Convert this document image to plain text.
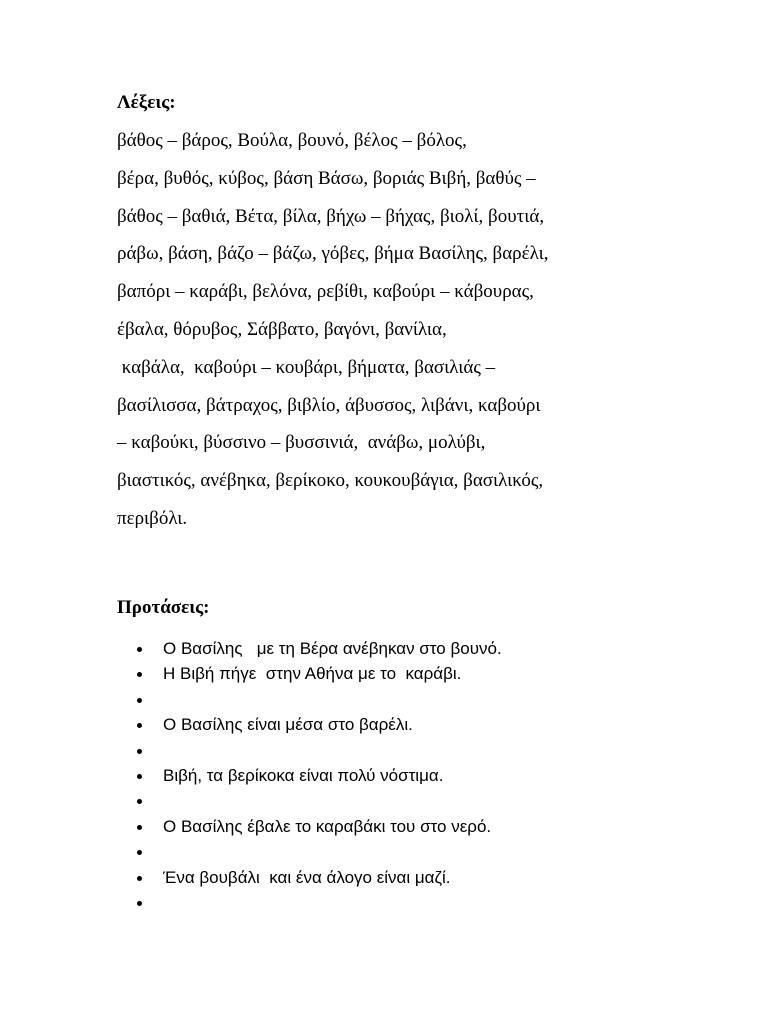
Λέξεις:
βάθος – βάρος, Βούλα, βουνό, βέλος – βόλος,
βέρα, βυθός, κύβος, βάση Βάσω, βοριάς Βιβή, βαθύς –
βάθος – βαθιά, Βέτα, βίλα, βήχω – βήχας, βιολί, βουτιά,
ράβω, βάση, βάζο – βάζω, γόβες, βήμα Βασίλης, βαρέλι,
βαπόρι – καράβι, βελόνα, ρεβίθι, καβούρι – κάβουρας,
έβαλα, θόρυβος, Σάββατο, βαγόνι, βανίλια,
καβάλα,  καβούρι – κουβάρι, βήματα, βασιλιάς –
βασίλισσα, βάτραχος, βιβλίο, άβυσσος, λιβάνι, καβούρι
– καβούκι, βύσσινο – βυσσινιά,  ανάβω, μολύβι,
βιαστικός, ανέβηκα, βερίκοκο, κουκουβάγια, βασιλικός,
περιβόλι.
Προτάσεις:
Ο Βασίλης   με τη Βέρα ανέβηκαν στο βουνό.
Η Βιβή πήγε  στην Αθήνα με το  καράβι.
Ο Βασίλης είναι μέσα στο βαρέλι.
Βιβή, τα βερίκοκα είναι πολύ νόστιμα.
Ο Βασίλης έβαλε το καραβάκι του στο νερό.
Ένα βουβάλι  και ένα άλογο είναι μαζί.
